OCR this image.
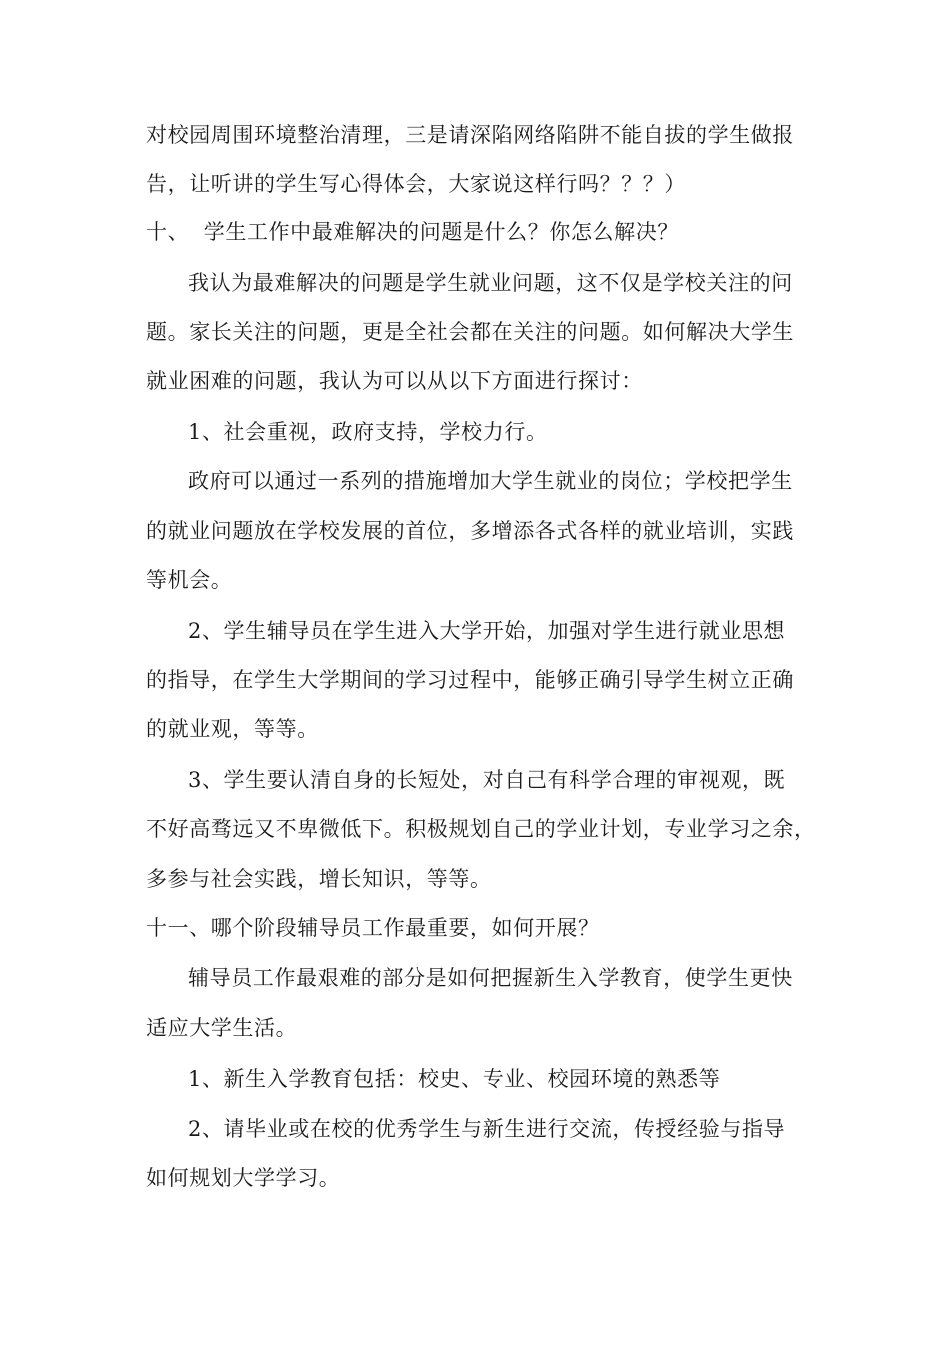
对校园周围环境整治清理，三是请深陷网络陷阱不能自拔的学生做报
告，让听讲的学生写心得体会，大家说这样行吗？？？）
十、  学生工作中最难解决的问题是什么？你怎么解决？
我认为最难解决的问题是学生就业问题，这不仅是学校关注的问
题。家长关注的问题，更是全社会都在关注的问题。如何解决大学生
就业困难的问题，我认为可以从以下方面进行探讨：
1、社会重视，政府支持，学校力行。
政府可以通过一系列的措施增加大学生就业的岗位；学校把学生
的就业问题放在学校发展的首位，多增添各式各样的就业培训，实践
等机会。
2、学生辅导员在学生进入大学开始，加强对学生进行就业思想
的指导，在学生大学期间的学习过程中，能够正确引导学生树立正确
的就业观，等等。
3、学生要认清自身的长短处，对自己有科学合理的审视观，既
不好高骛远又不卑微低下。积极规划自己的学业计划，专业学习之余，
多参与社会实践，增长知识，等等。
十一、哪个阶段辅导员工作最重要，如何开展？
辅导员工作最艰难的部分是如何把握新生入学教育，使学生更快
适应大学生活。
1、新生入学教育包括：校史、专业、校园环境的熟悉等
2、请毕业或在校的优秀学生与新生进行交流，传授经验与指导
如何规划大学学习。
